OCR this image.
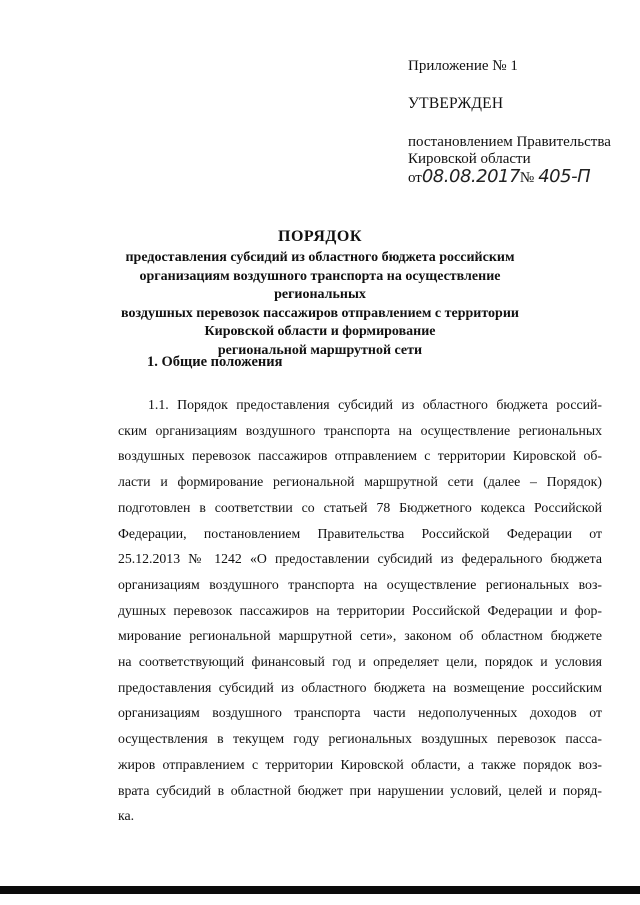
Приложение № 1

УТВЕРЖДЕН

постановлением Правительства

Кировской области

от 08.08.2017 № 405-П

ПОРЯДОК

предоставления субсидий из областного бюджета российским

организациям воздушного транспорта на осуществление региональных

воздушных перевозок пассажиров отправлением с территории

Кировской области и формирование

региональной маршрутной сети

1. Общие положения

1.1. Порядок предоставления субсидий из областного бюджета россий-
ским организациям воздушного транспорта на осуществление региональных
воздушных перевозок пассажиров отправлением с территории Кировской об-
ласти и формирование региональной маршрутной сети (далее – Порядок)
подготовлен в соответствии со статьей 78 Бюджетного кодекса Российской
Федерации, постановлением Правительства Российской Федерации от
25.12.2013 № 1242 «О предоставлении субсидий из федерального бюджета
организациям воздушного транспорта на осуществление региональных воз-
душных перевозок пассажиров на территории Российской Федерации и фор-
мирование региональной маршрутной сети», законом об областном бюджете
на соответствующий финансовый год и определяет цели, порядок и условия
предоставления субсидий из областного бюджета на возмещение российским
организациям воздушного транспорта части недополученных доходов от
осуществления в текущем году региональных воздушных перевозок пасса-
жиров отправлением с территории Кировской области, а также порядок воз-
врата субсидий в областной бюджет при нарушении условий, целей и поряд-
ка.
